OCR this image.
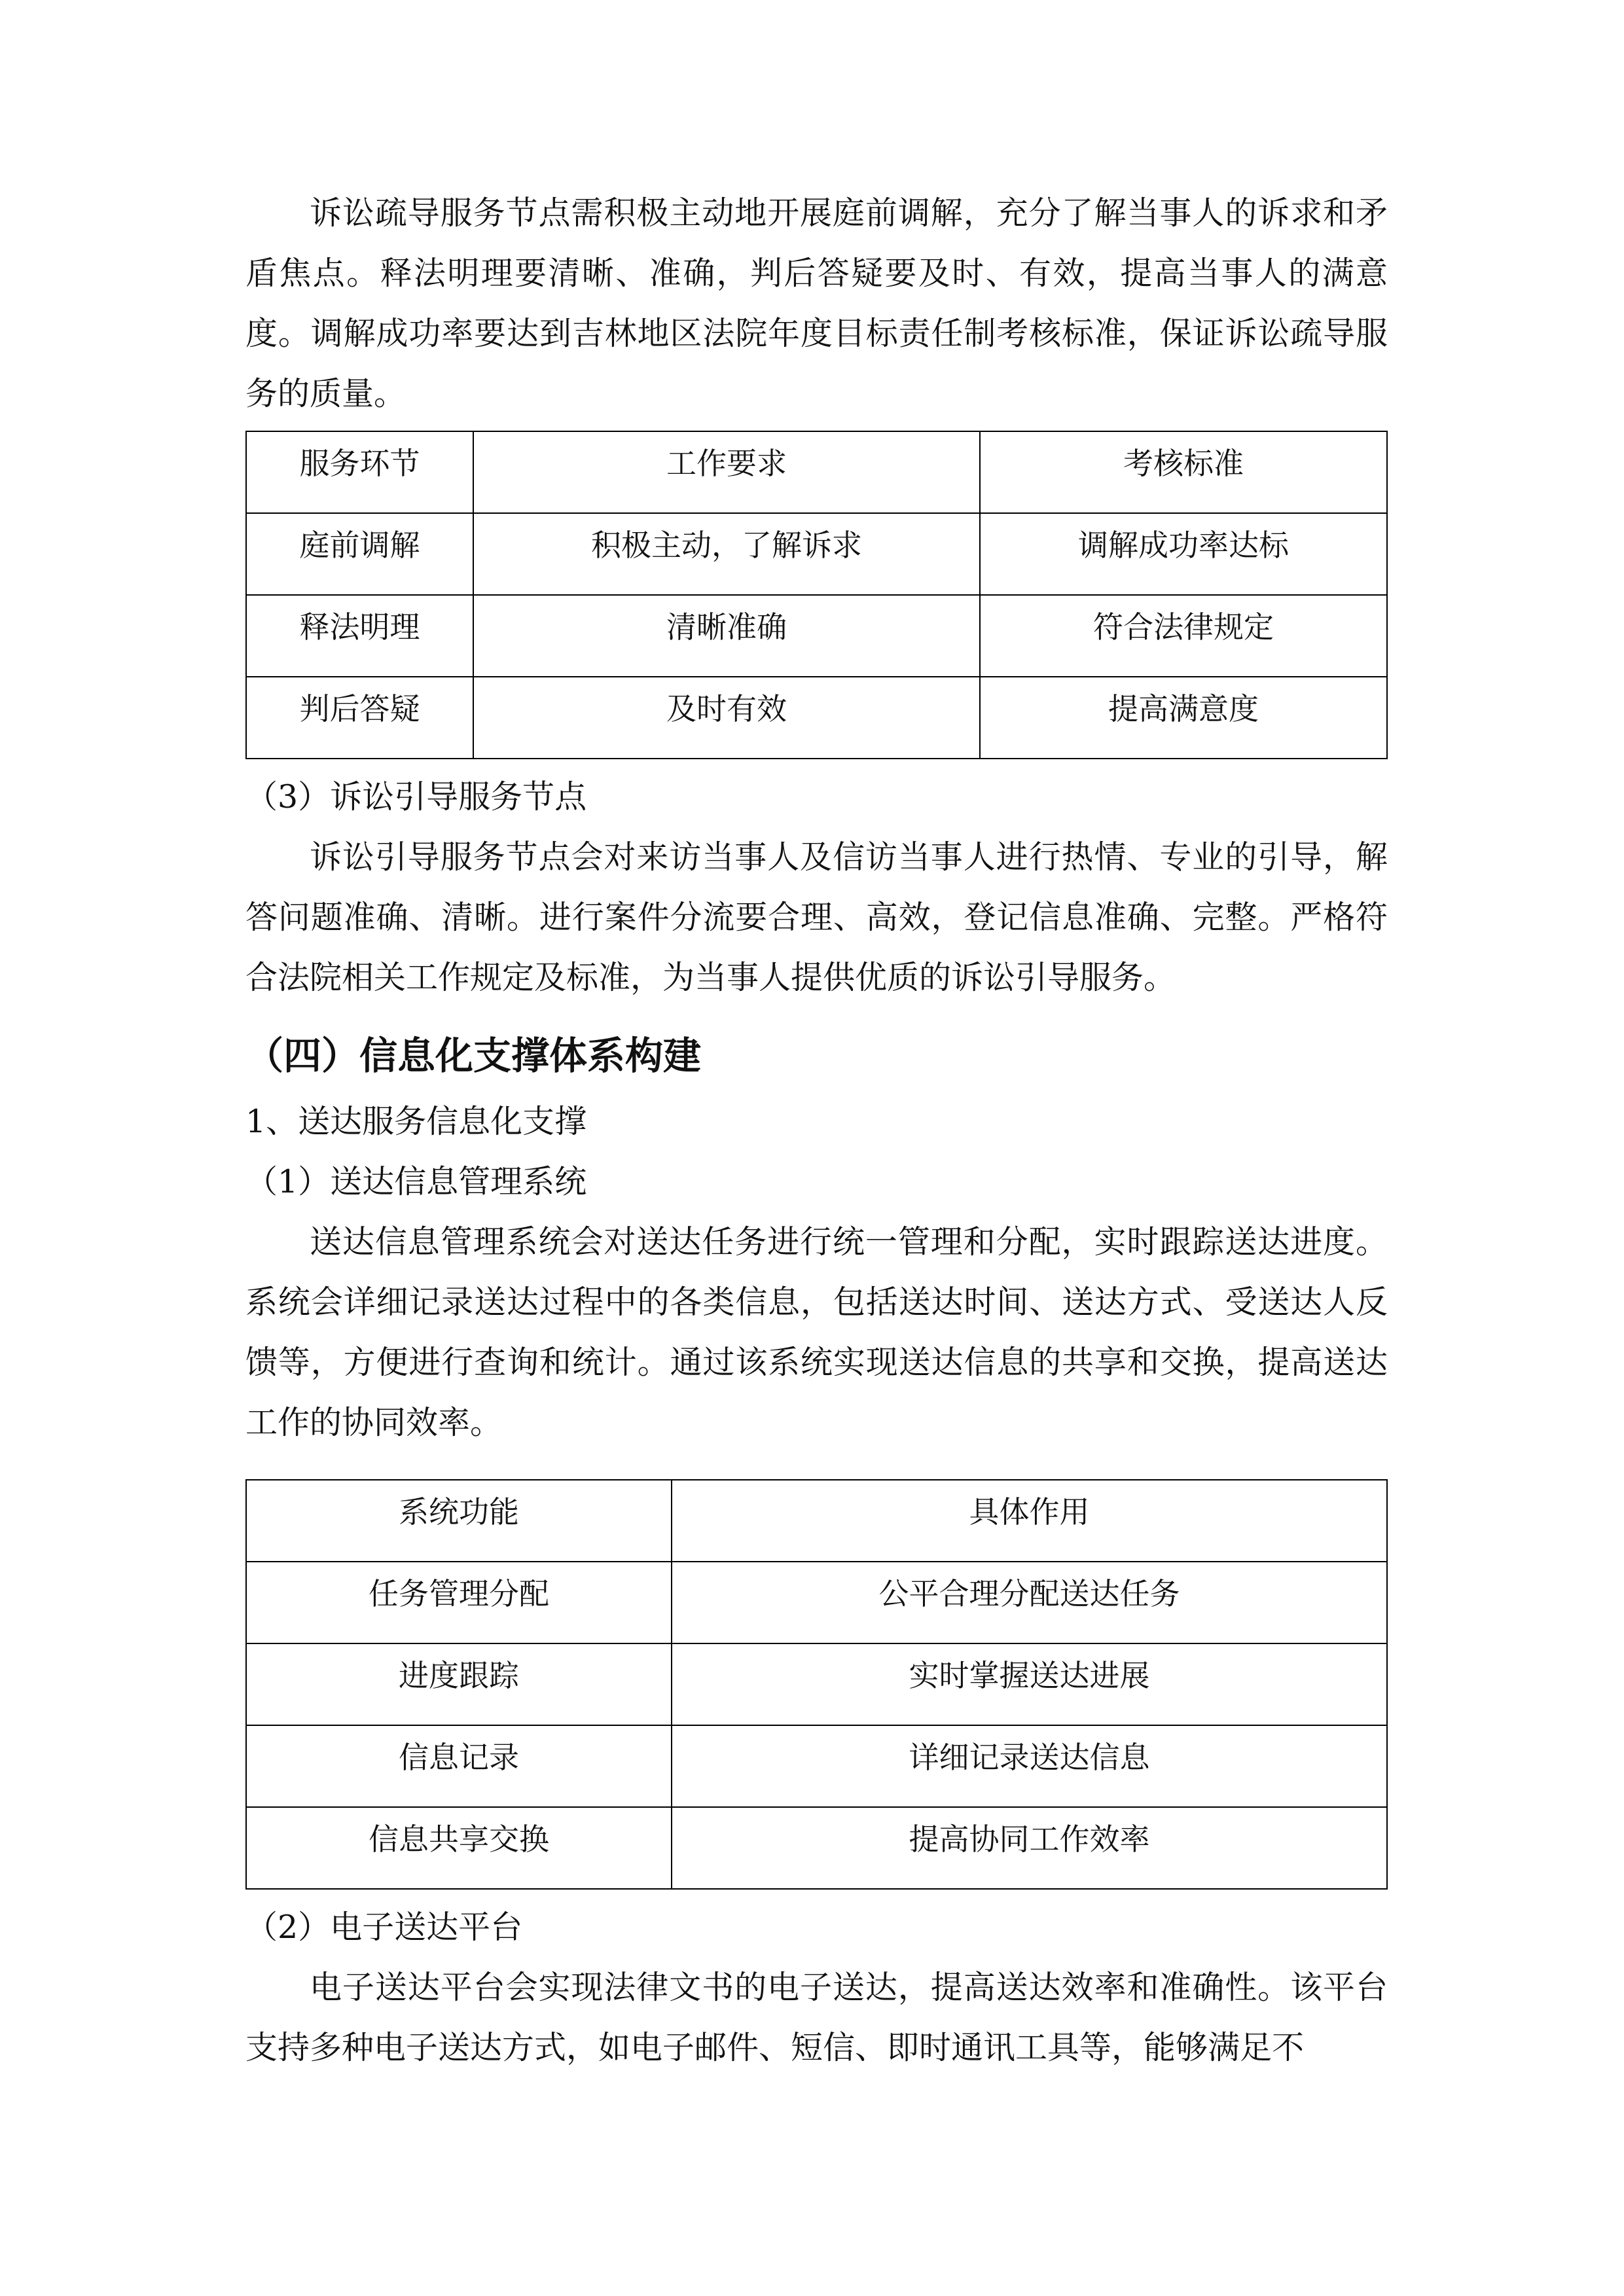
诉讼疏导服务节点需积极主动地开展庭前调解，充分了解当事人的诉求和矛盾焦点。释法明理要清晰、准确，判后答疑要及时、有效，提高当事人的满意度。调解成功率要达到吉林地区法院年度目标责任制考核标准，保证诉讼疏导服务的质量。

服务环节	工作要求	考核标准
庭前调解	积极主动，了解诉求	调解成功率达标
释法明理	清晰准确	符合法律规定
判后答疑	及时有效	提高满意度

（3）诉讼引导服务节点

诉讼引导服务节点会对来访当事人及信访当事人进行热情、专业的引导，解答问题准确、清晰。进行案件分流要合理、高效，登记信息准确、完整。严格符合法院相关工作规定及标准，为当事人提供优质的诉讼引导服务。

（四）信息化支撑体系构建

1、送达服务信息化支撑

（1）送达信息管理系统

送达信息管理系统会对送达任务进行统一管理和分配，实时跟踪送达进度。系统会详细记录送达过程中的各类信息，包括送达时间、送达方式、受送达人反馈等，方便进行查询和统计。通过该系统实现送达信息的共享和交换，提高送达工作的协同效率。

系统功能	具体作用
任务管理分配	公平合理分配送达任务
进度跟踪	实时掌握送达进展
信息记录	详细记录送达信息
信息共享交换	提高协同工作效率

（2）电子送达平台

电子送达平台会实现法律文书的电子送达，提高送达效率和准确性。该平台支持多种电子送达方式，如电子邮件、短信、即时通讯工具等，能够满足不
